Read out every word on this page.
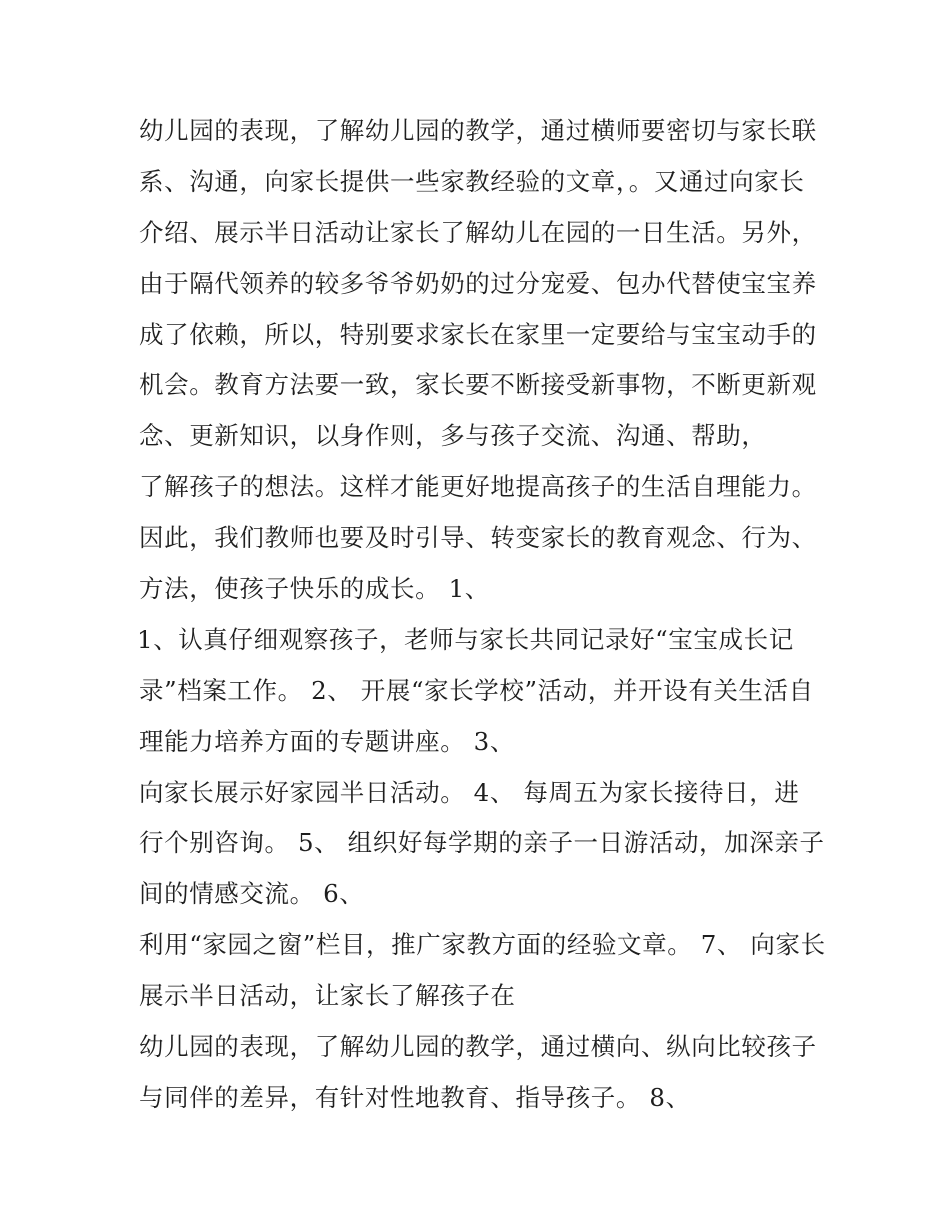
幼儿园的表现，了解幼儿园的教学，通过横师要密切与家长联
系、沟通，向家长提供一些家教经验的文章，。又通过向家长
介绍、展示半日活动让家长了解幼儿在园的一日生活。另外，
由于隔代领养的较多爷爷奶奶的过分宠爱、包办代替使宝宝养
成了依赖，所以，特别要求家长在家里一定要给与宝宝动手的
机会。教育方法要一致，家长要不断接受新事物，不断更新观
念、更新知识，以身作则，多与孩子交流、沟通、帮助，
了解孩子的想法。这样才能更好地提高孩子的生活自理能力。
因此，我们教师也要及时引导、转变家长的教育观念、行为、
方法，使孩子快乐的成长。 1、
1、认真仔细观察孩子，老师与家长共同记录好“宝宝成长记
录”档案工作。 2、 开展“家长学校”活动，并开设有关生活自
理能力培养方面的专题讲座。 3、
向家长展示好家园半日活动。 4、 每周五为家长接待日，进
行个别咨询。 5、 组织好每学期的亲子一日游活动，加深亲子
间的情感交流。 6、
利用“家园之窗”栏目，推广家教方面的经验文章。 7、 向家长
展示半日活动，让家长了解孩子在
幼儿园的表现，了解幼儿园的教学，通过横向、纵向比较孩子
与同伴的差异，有针对性地教育、指导孩子。 8、
